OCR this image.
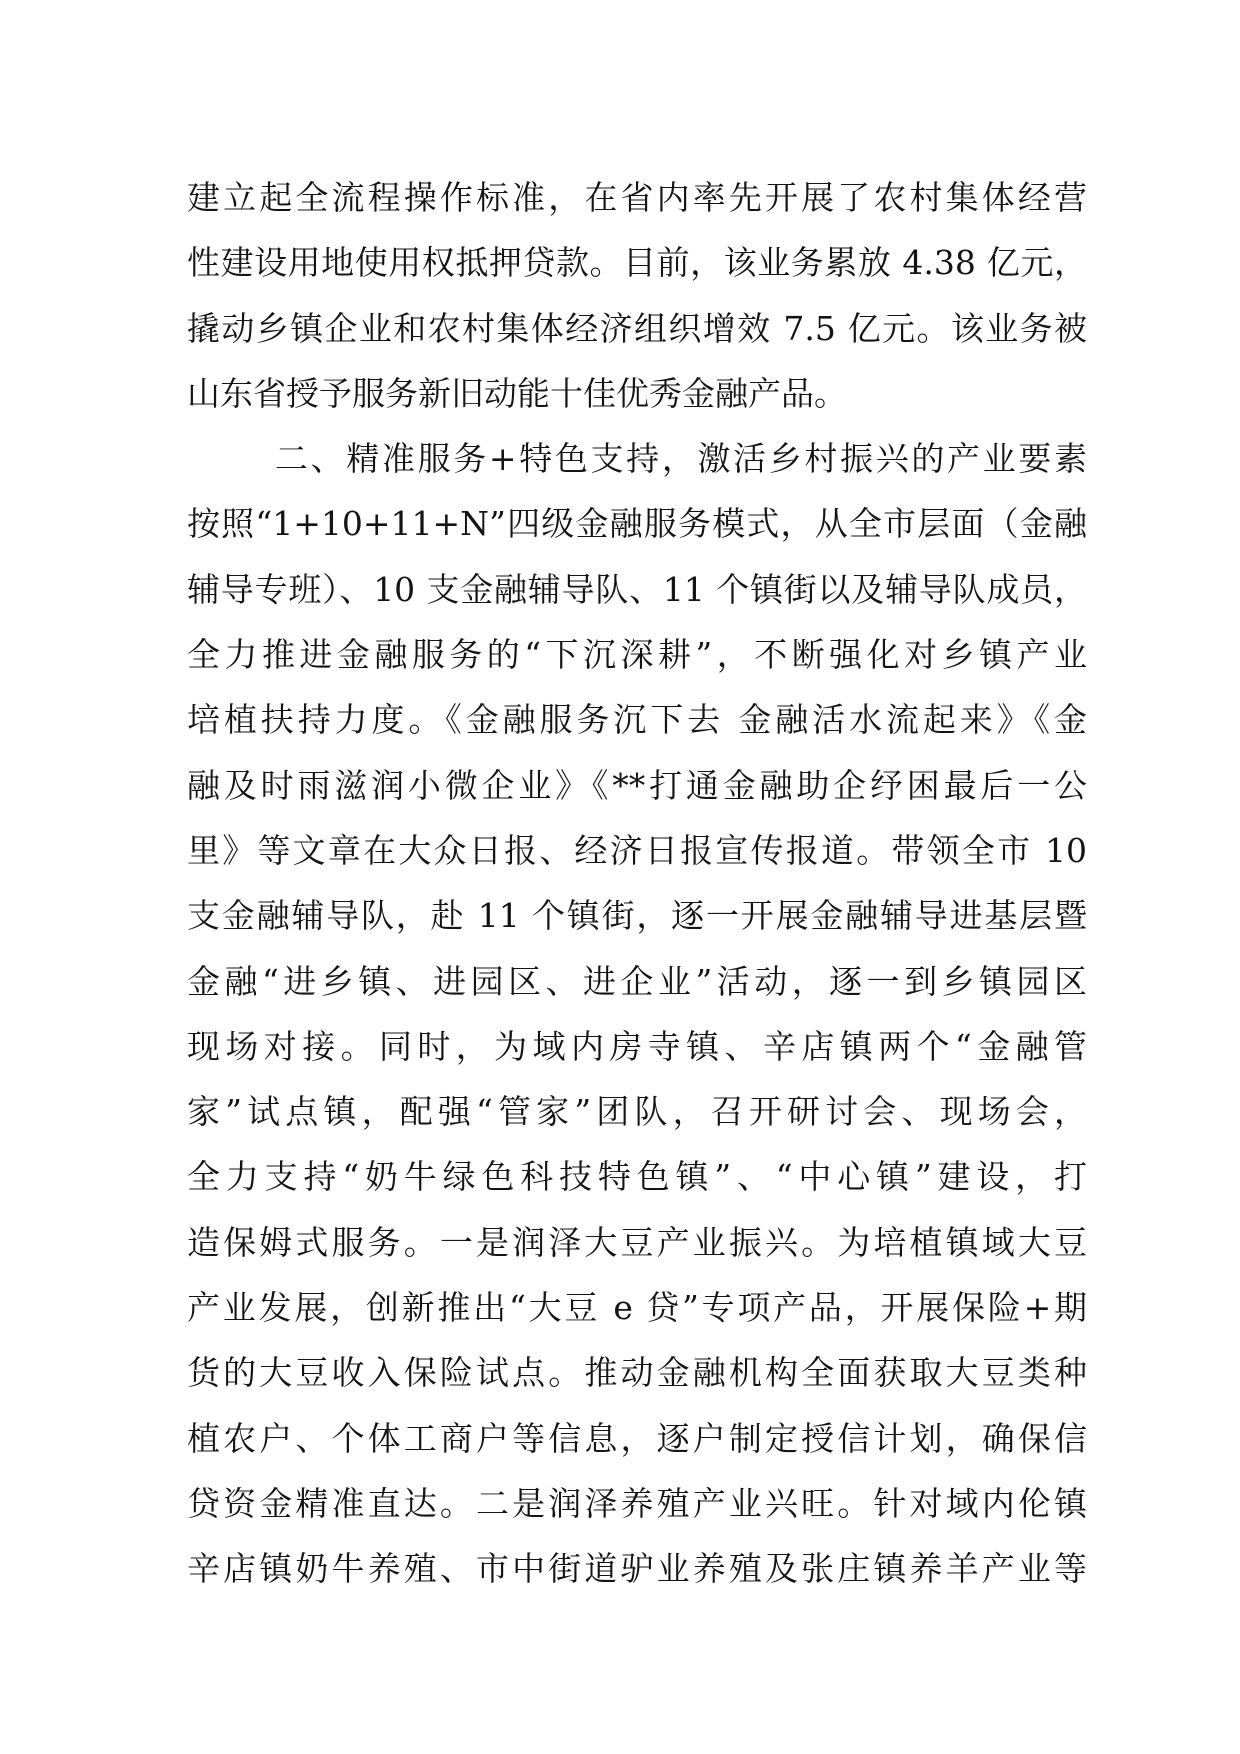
建立起全流程操作标准，在省内率先开展了农村集体经营
性建设用地使用权抵押贷款。目前，该业务累放 4.38 亿元，
撬动乡镇企业和农村集体经济组织增效 7.5 亿元。该业务被
山东省授予服务新旧动能十佳优秀金融产品。
二、精准服务+特色支持，激活乡村振兴的产业要素
按照“1+10+11+N”四级金融服务模式，从全市层面（金融
辅导专班）、10 支金融辅导队、11 个镇街以及辅导队成员，
全力推进金融服务的“下沉深耕”，不断强化对乡镇产业
培植扶持力度。《金融服务沉下去 金融活水流起来》《金
融及时雨滋润小微企业》《**打通金融助企纾困最后一公
里》等文章在大众日报、经济日报宣传报道。带领全市 10
支金融辅导队，赴 11 个镇街，逐一开展金融辅导进基层暨
金融“进乡镇、进园区、进企业”活动，逐一到乡镇园区
现场对接。同时，为域内房寺镇、辛店镇两个“金融管
家”试点镇，配强“管家”团队，召开研讨会、现场会，
全力支持“奶牛绿色科技特色镇”、“中心镇”建设，打
造保姆式服务。一是润泽大豆产业振兴。为培植镇域大豆
产业发展，创新推出“大豆 e 贷”专项产品，开展保险+期
货的大豆收入保险试点。推动金融机构全面获取大豆类种
植农户、个体工商户等信息，逐户制定授信计划，确保信
贷资金精准直达。二是润泽养殖产业兴旺。针对域内伦镇
辛店镇奶牛养殖、市中街道驴业养殖及张庄镇养羊产业等
